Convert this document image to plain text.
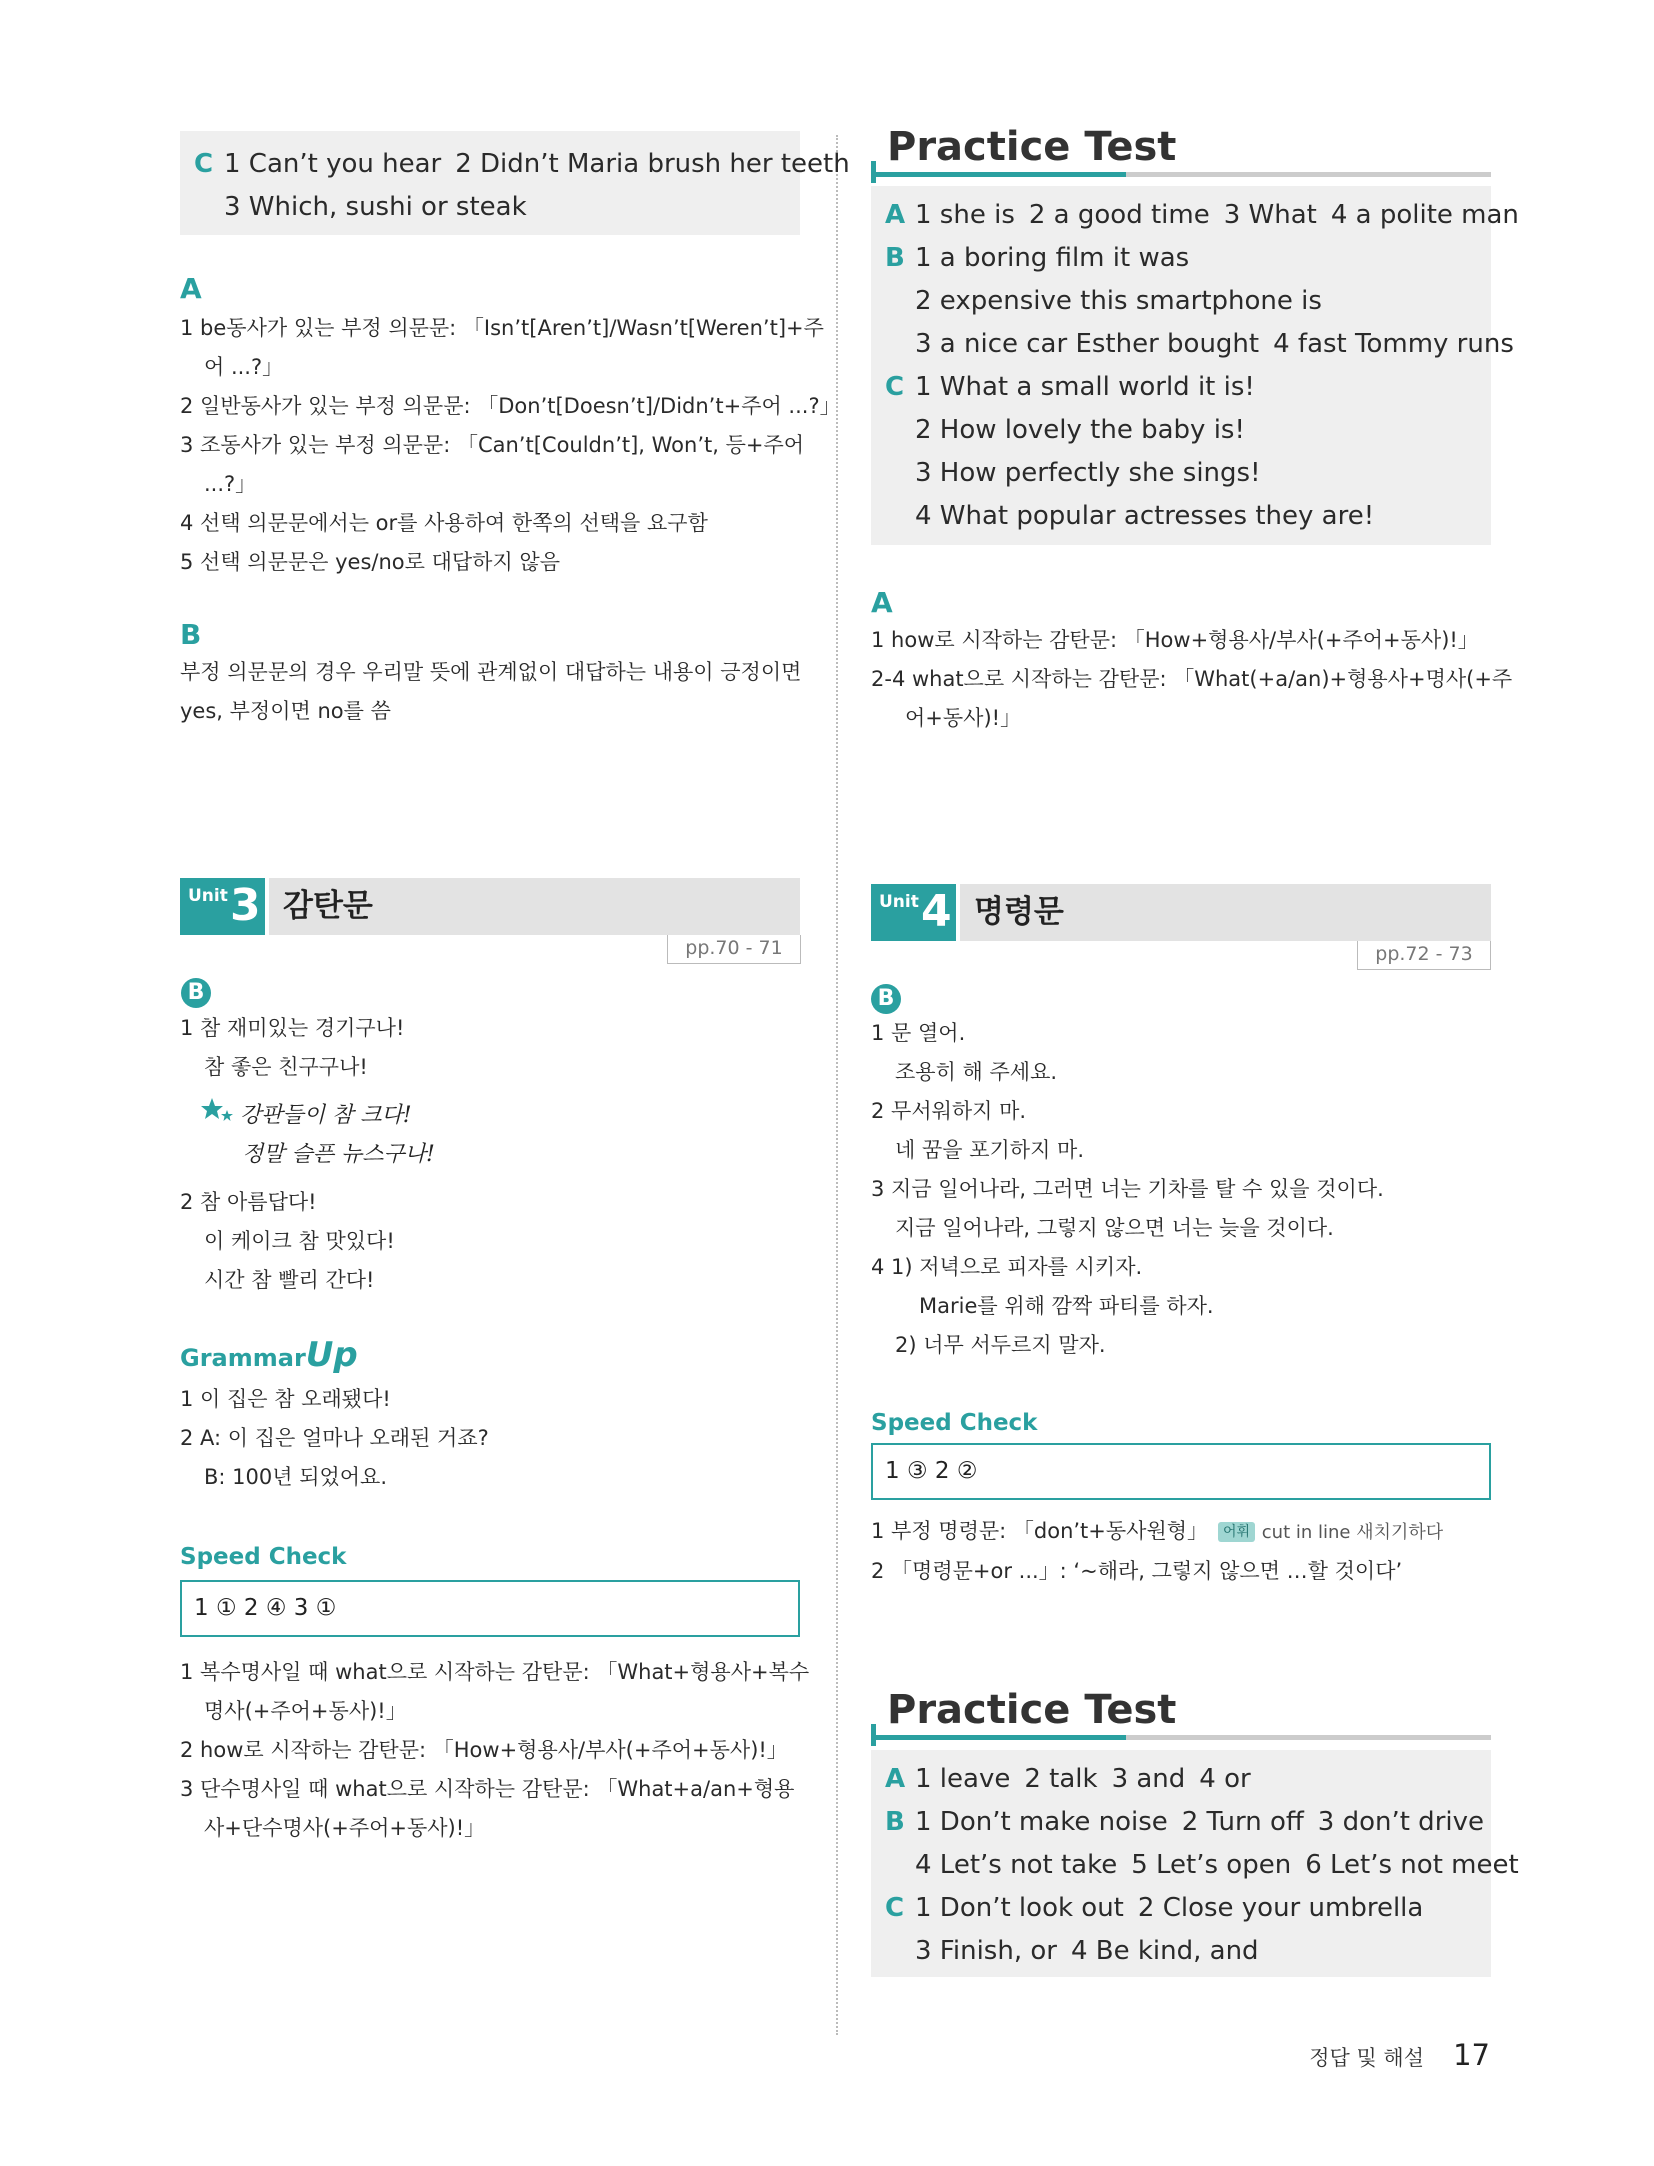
C 1 Can’t you hear 2 Didn’t Maria brush her teeth
3 Which, sushi or steak
A
1 be동사가 있는 부정 의문문: 「Isn’t[Aren’t]/Wasn’t[Weren’t]+주
어 ...?」
2 일반동사가 있는 부정 의문문: 「Don’t[Doesn’t]/Didn’t+주어 ...?」
3 조동사가 있는 부정 의문문: 「Can’t[Couldn’t], Won’t, 등+주어
...?」
4 선택 의문문에서는 or를 사용하여 한쪽의 선택을 요구함
5 선택 의문문은 yes/no로 대답하지 않음
B
부정 의문문의 경우 우리말 뜻에 관계없이 대답하는 내용이 긍정이면
yes, 부정이면 no를 씀
Unit 3 감탄문
pp.70 - 71
B
1 참 재미있는 경기구나!
참 좋은 친구구나!
강판들이 참 크다!
정말 슬픈 뉴스구나!
2 참 아름답다!
이 케이크 참 맛있다!
시간 참 빨리 간다!
GrammarUp
1 이 집은 참 오래됐다!
2 A: 이 집은 얼마나 오래된 거죠?
B: 100년 되었어요.
Speed Check
1 ① 2 ④ 3 ①
1 복수명사일 때 what으로 시작하는 감탄문: 「What+형용사+복수
명사(+주어+동사)!」
2 how로 시작하는 감탄문: 「How+형용사/부사(+주어+동사)!」
3 단수명사일 때 what으로 시작하는 감탄문: 「What+a/an+형용
사+단수명사(+주어+동사)!」
Practice Test
A 1 she is 2 a good time 3 What 4 a polite man
B 1 a boring film it was
2 expensive this smartphone is
3 a nice car Esther bought 4 fast Tommy runs
C 1 What a small world it is!
2 How lovely the baby is!
3 How perfectly she sings!
4 What popular actresses they are!
A
1 how로 시작하는 감탄문: 「How+형용사/부사(+주어+동사)!」
2-4 what으로 시작하는 감탄문: 「What(+a/an)+형용사+명사(+주
어+동사)!」
Unit 4 명령문
pp.72 - 73
B
1 문 열어.
조용히 해 주세요.
2 무서워하지 마.
네 꿈을 포기하지 마.
3 지금 일어나라, 그러면 너는 기차를 탈 수 있을 것이다.
지금 일어나라, 그렇지 않으면 너는 늦을 것이다.
4 1) 저녁으로 피자를 시키자.
Marie를 위해 깜짝 파티를 하자.
2) 너무 서두르지 말자.
Speed Check
1 ③ 2 ②
1 부정 명령문: 「don’t+동사원형」 어휘 cut in line 새치기하다
2 「명령문+or ...」: ‘~해라, 그렇지 않으면 …할 것이다’
Practice Test
A 1 leave 2 talk 3 and 4 or
B 1 Don’t make noise 2 Turn off 3 don’t drive
4 Let’s not take 5 Let’s open 6 Let’s not meet
C 1 Don’t look out 2 Close your umbrella
3 Finish, or 4 Be kind, and
정답 및 해설 17
